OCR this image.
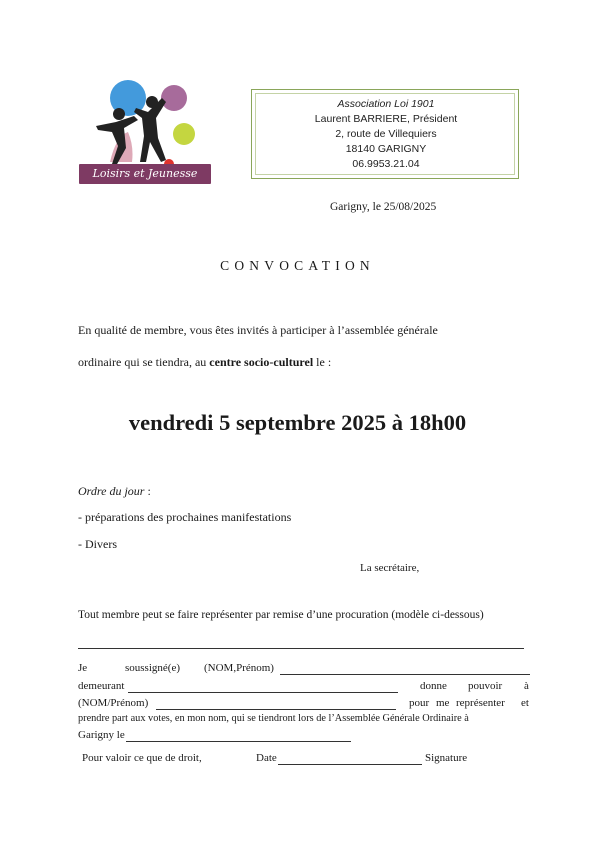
Loisirs et Jeunesse
Association Loi 1901
Laurent BARRIERE, Président
2, route de Villequiers
18140 GARIGNY
06.9953.21.04
Garigny, le 25/08/2025
CONVOCATION
En qualité de membre, vous êtes invités à participer à l’assemblée générale
ordinaire qui se tiendra, au centre socio-culturel le :
vendredi 5 septembre 2025 à 18h00
Ordre du jour :
- préparations des prochaines manifestations
- Divers
La secrétaire,
Tout membre peut se faire représenter par remise d’une procuration (modèle ci-dessous)
Je	soussigné(e) (NOM,Prénom)
demeurant	donne pouvoir à
(NOM/Prénom)	pour me représenter et
prendre part aux votes, en mon nom, qui se tiendront lors de l’Assemblée Générale Ordinaire à
Garigny le
Pour valoir ce que de droit,	Date	Signature
